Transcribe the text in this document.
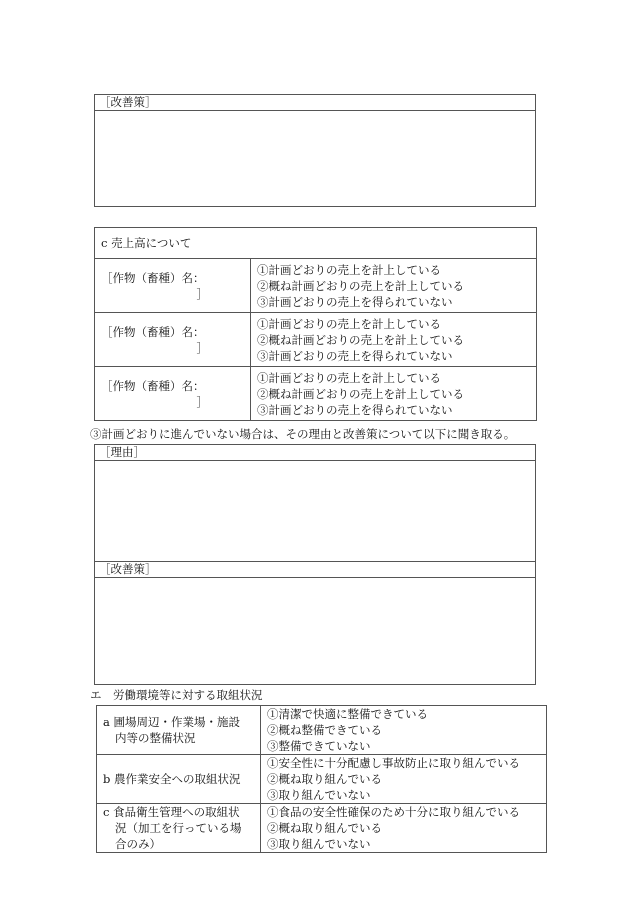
［改善策］
c 売上高について	

［作物（畜種）名：
］	①計画どおりの売上を計上している
②概ね計画どおりの売上を計上している
③計画どおりの売上を得られていない

［作物（畜種）名：
］	①計画どおりの売上を計上している
②概ね計画どおりの売上を計上している
③計画どおりの売上を得られていない

［作物（畜種）名：
］	①計画どおりの売上を計上している
②概ね計画どおりの売上を計上している
③計画どおりの売上を得られていない
③計画どおりに進んでいない場合は、その理由と改善策について以下に聞き取る。
［理由］
［改善策］
エ　労働環境等に対する取組状況
a 圃場周辺・作業場・施設
内等の整備状況	①清潔で快適に整備できている
②概ね整備できている
③整備できていない

b 農作業安全への取組状況	①安全性に十分配慮し事故防止に取り組んでいる
②概ね取り組んでいる
③取り組んでいない

c 食品衛生管理への取組状
況（加工を行っている場
合のみ）	①食品の安全性確保のため十分に取り組んでいる
②概ね取り組んでいる
③取り組んでいない
